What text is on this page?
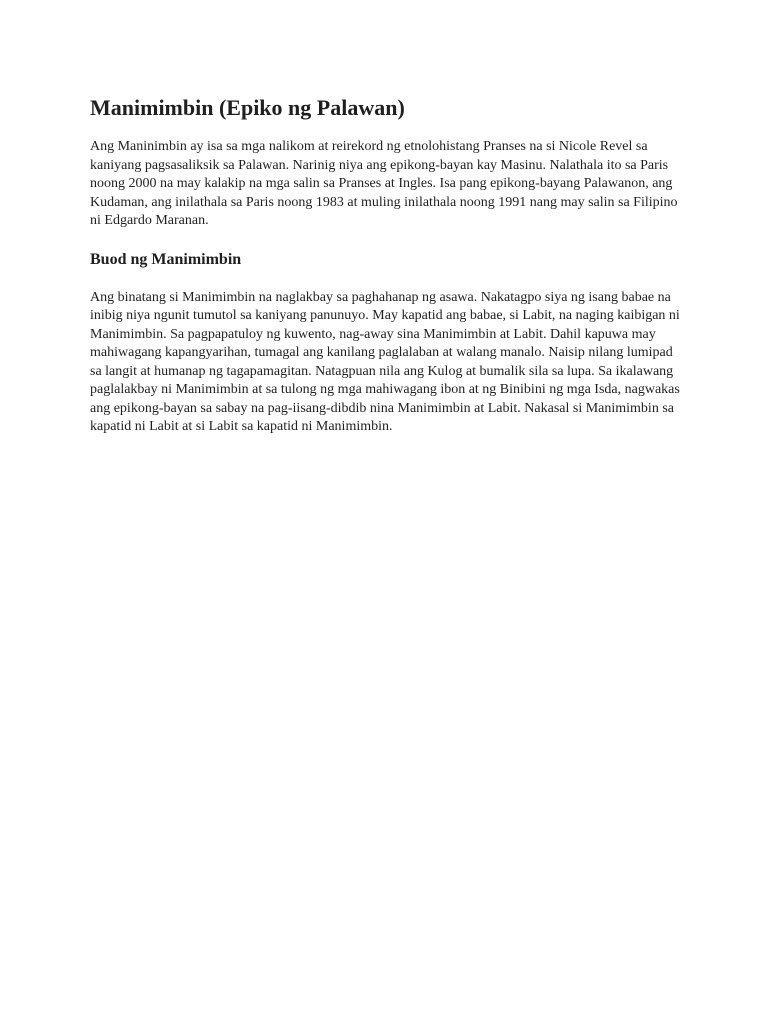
Manimimbin (Epiko ng Palawan)

Ang Maninimbin ay isa sa mga nalikom at reirekord ng etnolohistang Pranses na si Nicole Revel sa kaniyang pagsasaliksik sa Palawan. Narinig niya ang epikong-bayan kay Masinu. Nalathala ito sa Paris noong 2000 na may kalakip na mga salin sa Pranses at Ingles. Isa pang epikong-bayang Palawanon, ang Kudaman, ang inilathala sa Paris noong 1983 at muling inilathala noong 1991 nang may salin sa Filipino ni Edgardo Maranan.

Buod ng Manimimbin

Ang binatang si Manimimbin na naglakbay sa paghahanap ng asawa. Nakatagpo siya ng isang babae na inibig niya ngunit tumutol sa kaniyang panunuyo. May kapatid ang babae, si Labit, na naging kaibigan ni Manimimbin. Sa pagpapatuloy ng kuwento, nag-away sina Manimimbin at Labit. Dahil kapuwa may mahiwagang kapangyarihan, tumagal ang kanilang paglalaban at walang manalo. Naisip nilang lumipad sa langit at humanap ng tagapamagitan. Natagpuan nila ang Kulog at bumalik sila sa lupa. Sa ikalawang paglalakbay ni Manimimbin at sa tulong ng mga mahiwagang ibon at ng Binibini ng mga Isda, nagwakas ang epikong-bayan sa sabay na pag-iisang-dibdib nina Manimimbin at Labit. Nakasal si Manimimbin sa kapatid ni Labit at si Labit sa kapatid ni Manimimbin.
